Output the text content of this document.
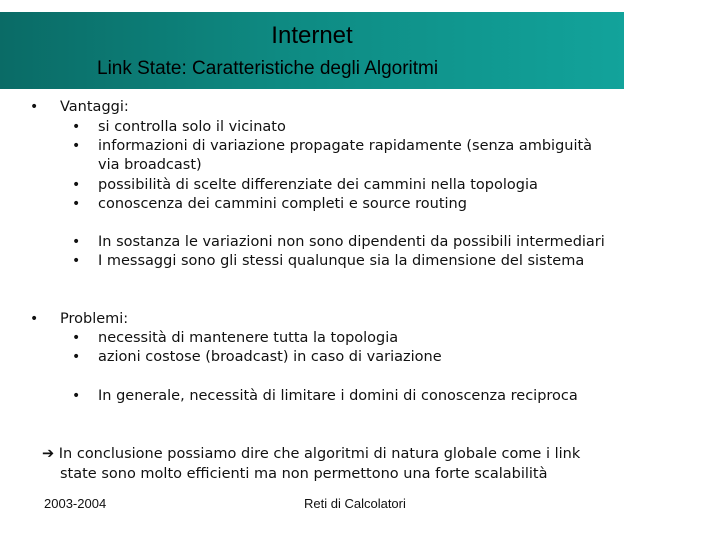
Internet
Link State: Caratteristiche degli Algoritmi
• Vantaggi:
• si controlla solo il vicinato
• informazioni di variazione propagate rapidamente (senza ambiguità
via broadcast)
• possibilità di scelte differenziate dei cammini nella topologia
• conoscenza dei cammini completi e source routing
• In sostanza le variazioni non sono dipendenti da possibili intermediari
• I messaggi sono gli stessi qualunque sia la dimensione del sistema
• Problemi:
• necessità di mantenere tutta la topologia
• azioni costose (broadcast) in caso di variazione
• In generale, necessità di limitare i domini di conoscenza reciproca
➔ In conclusione possiamo dire che algoritmi di natura globale come i link
state sono molto efficienti ma non permettono una forte scalabilità
2003-2004	Reti di Calcolatori
